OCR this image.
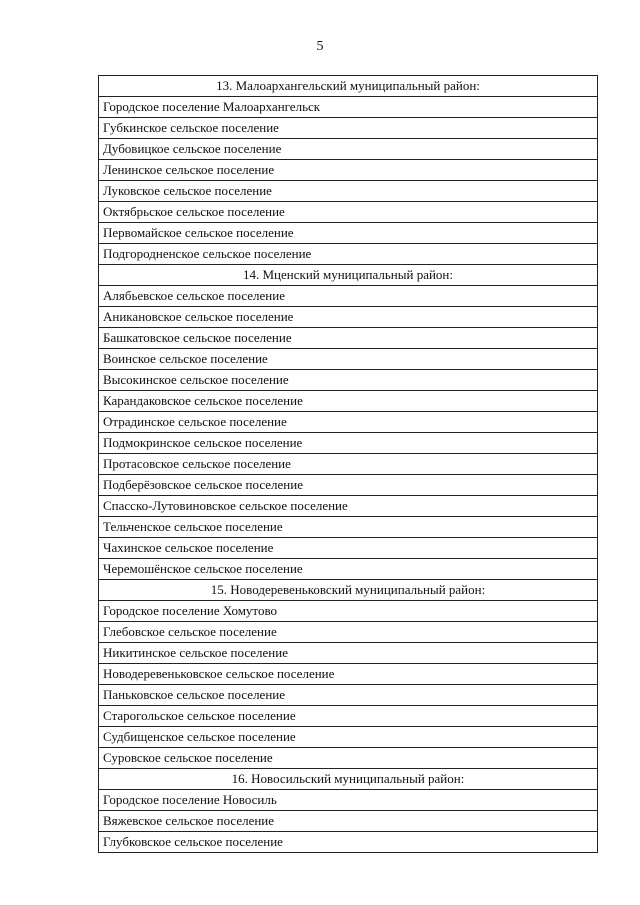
5
13. Малоархангельский муниципальный район:
Городское поселение Малоархангельск
Губкинское сельское поселение
Дубовицкое сельское поселение
Ленинское сельское поселение
Луковское сельское поселение
Октябрьское сельское поселение
Первомайское сельское поселение
Подгородненское сельское поселение
14. Мценский муниципальный район:
Алябьевское сельское поселение
Аникановское сельское поселение
Башкатовское сельское поселение
Воинское сельское поселение
Высокинское сельское поселение
Карандаковское сельское поселение
Отрадинское сельское поселение
Подмокринское сельское поселение
Протасовское сельское поселение
Подберёзовское сельское поселение
Спасско-Лутовиновское сельское поселение
Тельченское сельское поселение
Чахинское сельское поселение
Черемошёнское сельское поселение
15. Новодеревеньковский муниципальный район:
Городское поселение Хомутово
Глебовское сельское поселение
Никитинское сельское поселение
Новодеревеньковское сельское поселение
Паньковское сельское поселение
Старогольское сельское поселение
Судбищенское сельское поселение
Суровское сельское поселение
16. Новосильский муниципальный район:
Городское поселение Новосиль
Вяжевское сельское поселение
Глубковское сельское поселение
